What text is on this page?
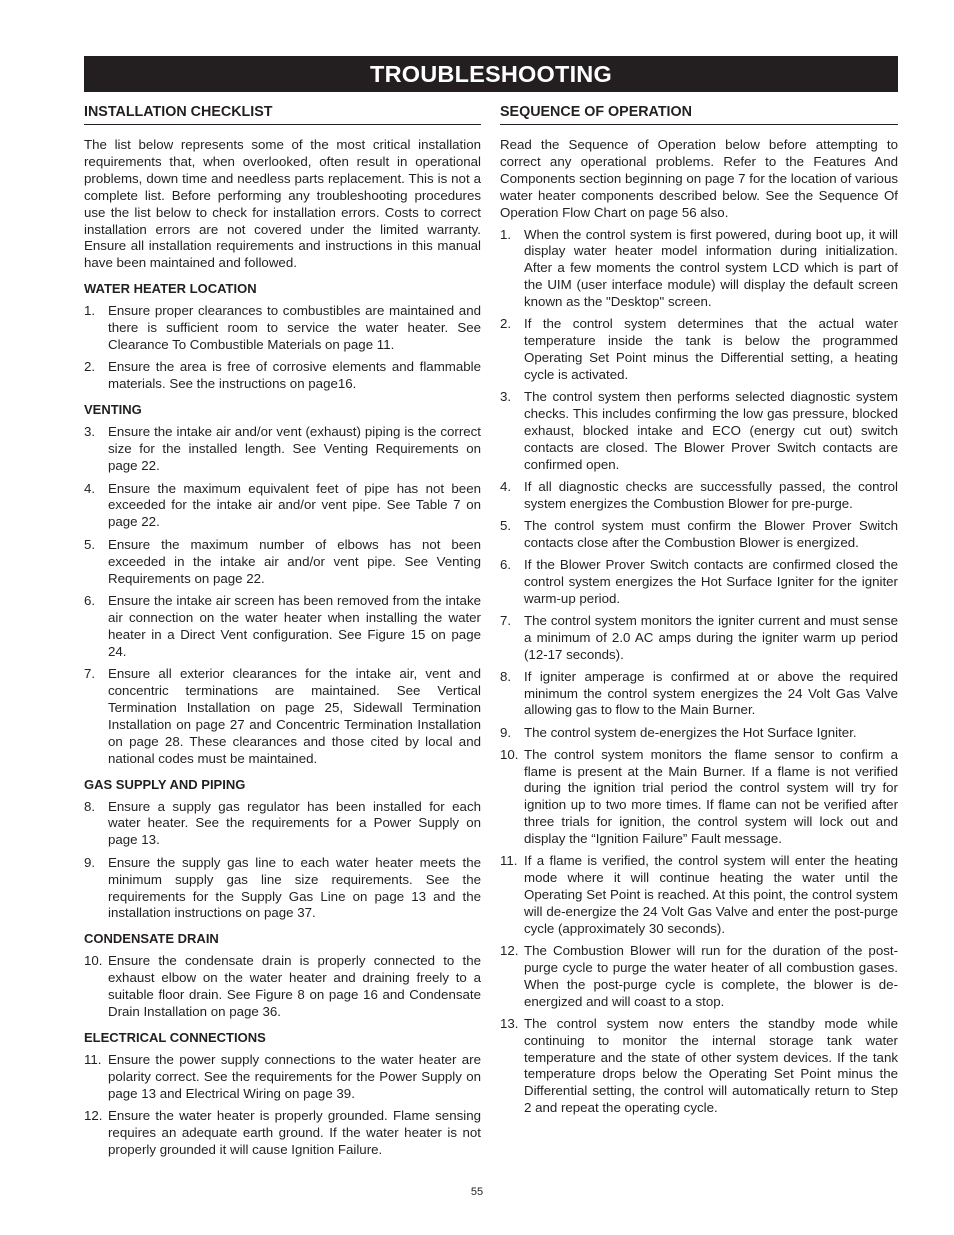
TROUBLESHOOTING
INSTALLATION CHECKLIST

The list below represents some of the most critical installation requirements that, when overlooked, often result in operational problems, down time and needless parts replacement. This is not a complete list. Before performing any troubleshooting procedures use the list below to check for installation errors. Costs to correct installation errors are not covered under the limited warranty. Ensure all installation requirements and instructions in this manual have been maintained and followed.

WATER HEATER LOCATION
1. Ensure proper clearances to combustibles are maintained and there is sufficient room to service the water heater. See Clearance To Combustible Materials on page 11.
2. Ensure the area is free of corrosive elements and flammable materials. See the instructions on page16.
VENTING
3. Ensure the intake air and/or vent (exhaust) piping is the correct size for the installed length. See Venting Requirements on page 22.
4. Ensure the maximum equivalent feet of pipe has not been exceeded for the intake air and/or vent pipe. See Table 7 on page 22.
5. Ensure the maximum number of elbows has not been exceeded in the intake air and/or vent pipe. See Venting Requirements on page 22.
6. Ensure the intake air screen has been removed from the intake air connection on the water heater when installing the water heater in a Direct Vent configuration. See Figure 15 on page 24.
7. Ensure all exterior clearances for the intake air, vent and concentric terminations are maintained. See Vertical Termination Installation on page 25, Sidewall Termination Installation on page 27 and Concentric Termination Installation on page 28. These clearances and those cited by local and national codes must be maintained.
GAS SUPPLY AND PIPING
8. Ensure a supply gas regulator has been installed for each water heater. See the requirements for a Power Supply on page 13.
9. Ensure the supply gas line to each water heater meets the minimum supply gas line size requirements. See the requirements for the Supply Gas Line on page 13 and the installation instructions on page 37.
CONDENSATE DRAIN
10. Ensure the condensate drain is properly connected to the exhaust elbow on the water heater and draining freely to a suitable floor drain. See Figure 8 on page 16 and Condensate Drain Installation on page 36.
ELECTRICAL CONNECTIONS
11. Ensure the power supply connections to the water heater are polarity correct. See the requirements for the Power Supply on page 13 and Electrical Wiring on page 39.
12. Ensure the water heater is properly grounded. Flame sensing requires an adequate earth ground. If the water heater is not properly grounded it will cause Ignition Failure.
SEQUENCE OF OPERATION

Read the Sequence of Operation below before attempting to correct any operational problems. Refer to the Features And Components section beginning on page 7 for the location of various water heater components described below. See the Sequence Of Operation Flow Chart on page 56 also.

1. When the control system is first powered, during boot up, it will display water heater model information during initialization. After a few moments the control system LCD which is part of the UIM (user interface module) will display the default screen known as the "Desktop" screen.
2. If the control system determines that the actual water temperature inside the tank is below the programmed Operating Set Point minus the Differential setting, a heating cycle is activated.
3. The control system then performs selected diagnostic system checks. This includes confirming the low gas pressure, blocked exhaust, blocked intake and ECO (energy cut out) switch contacts are closed. The Blower Prover Switch contacts are confirmed open.
4. If all diagnostic checks are successfully passed, the control system energizes the Combustion Blower for pre-purge.
5. The control system must confirm the Blower Prover Switch contacts close after the Combustion Blower is energized.
6. If the Blower Prover Switch contacts are confirmed closed the control system energizes the Hot Surface Igniter for the igniter warm-up period.
7. The control system monitors the igniter current and must sense a minimum of 2.0 AC amps during the igniter warm up period (12-17 seconds).
8. If igniter amperage is confirmed at or above the required minimum the control system energizes the 24 Volt Gas Valve allowing gas to flow to the Main Burner.
9. The control system de-energizes the Hot Surface Igniter.
10. The control system monitors the flame sensor to confirm a flame is present at the Main Burner. If a flame is not verified during the ignition trial period the control system will try for ignition up to two more times. If flame can not be verified after three trials for ignition, the control system will lock out and display the “Ignition Failure” Fault message.
11. If a flame is verified, the control system will enter the heating mode where it will continue heating the water until the Operating Set Point is reached. At this point, the control system will de-energize the 24 Volt Gas Valve and enter the post-purge cycle (approximately 30 seconds).
12. The Combustion Blower will run for the duration of the post-purge cycle to purge the water heater of all combustion gases. When the post-purge cycle is complete, the blower is de-energized and will coast to a stop.
13. The control system now enters the standby mode while continuing to monitor the internal storage tank water temperature and the state of other system devices. If the tank temperature drops below the Operating Set Point minus the Differential setting, the control will automatically return to Step 2 and repeat the operating cycle.
55
